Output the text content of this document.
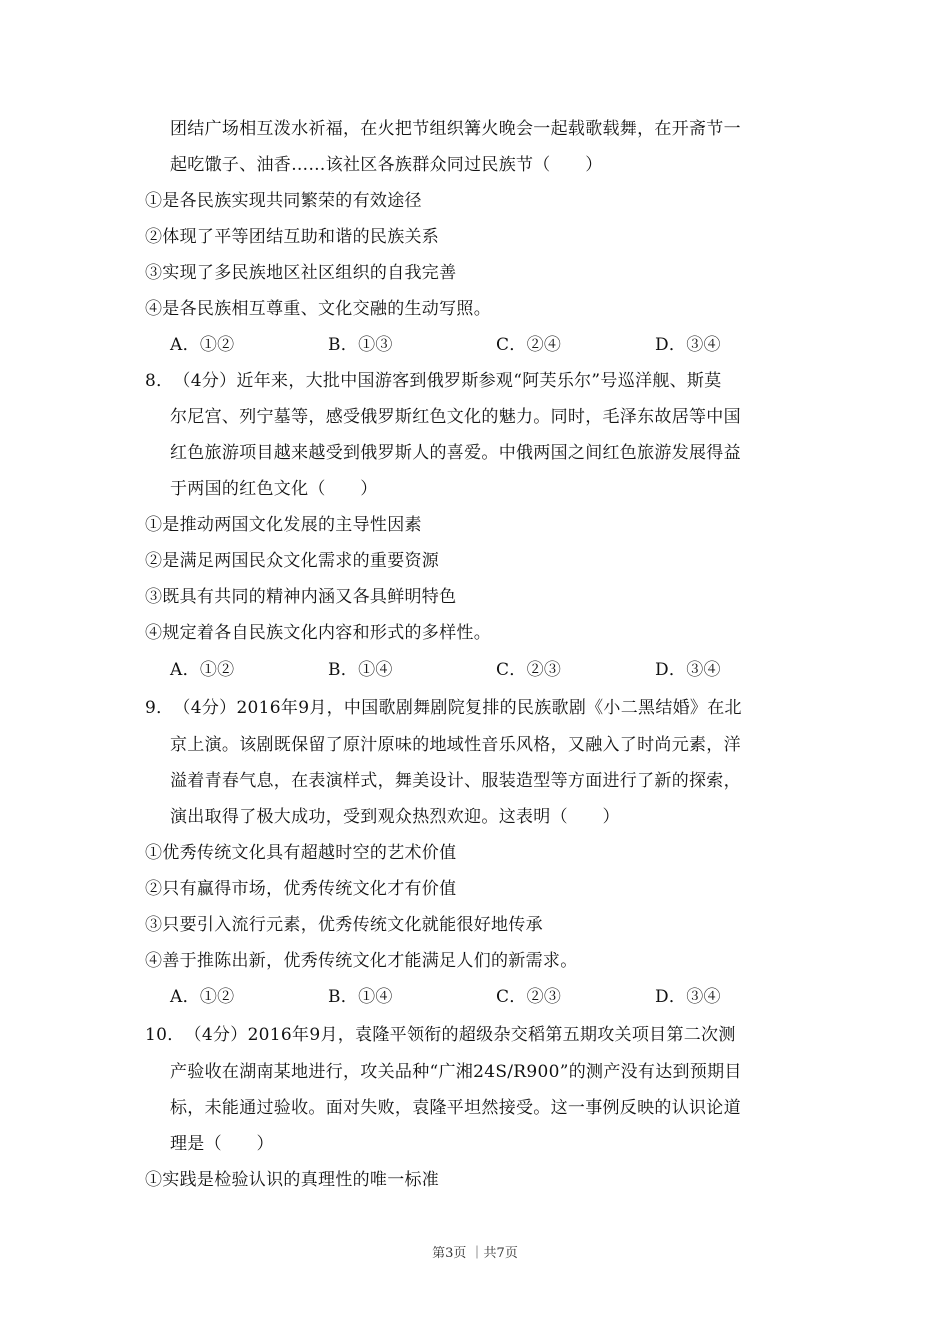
团结广场相互泼水祈福，在火把节组织篝火晚会一起载歌载舞，在开斋节一
起吃馓子、油香……该社区各族群众同过民族节（　　）
①是各民族实现共同繁荣的有效途径
②体现了平等团结互助和谐的民族关系
③实现了多民族地区社区组织的自我完善
④是各民族相互尊重、文化交融的生动写照。
A．①②	B．①③	C．②④	D．③④
8．（4分）近年来，大批中国游客到俄罗斯参观“阿芙乐尔”号巡洋舰、斯莫
尔尼宫、列宁墓等，感受俄罗斯红色文化的魅力。同时，毛泽东故居等中国
红色旅游项目越来越受到俄罗斯人的喜爱。中俄两国之间红色旅游发展得益
于两国的红色文化（　　）
①是推动两国文化发展的主导性因素
②是满足两国民众文化需求的重要资源
③既具有共同的精神内涵又各具鲜明特色
④规定着各自民族文化内容和形式的多样性。
A．①②	B．①④	C．②③	D．③④
9．（4分）2016年9月，中国歌剧舞剧院复排的民族歌剧《小二黑结婚》在北
京上演。该剧既保留了原汁原味的地域性音乐风格，又融入了时尚元素，洋
溢着青春气息，在表演样式，舞美设计、服装造型等方面进行了新的探索，
演出取得了极大成功，受到观众热烈欢迎。这表明（　　）
①优秀传统文化具有超越时空的艺术价值
②只有赢得市场，优秀传统文化才有价值
③只要引入流行元素，优秀传统文化就能很好地传承
④善于推陈出新，优秀传统文化才能满足人们的新需求。
A．①②	B．①④	C．②③	D．③④
10．（4分）2016年9月，袁隆平领衔的超级杂交稻第五期攻关项目第二次测
产验收在湖南某地进行，攻关品种“广湘24S/R900”的测产没有达到预期目
标，未能通过验收。面对失败，袁隆平坦然接受。这一事例反映的认识论道
理是（　　）
①实践是检验认识的真理性的唯一标准
第3页 ｜共7页
